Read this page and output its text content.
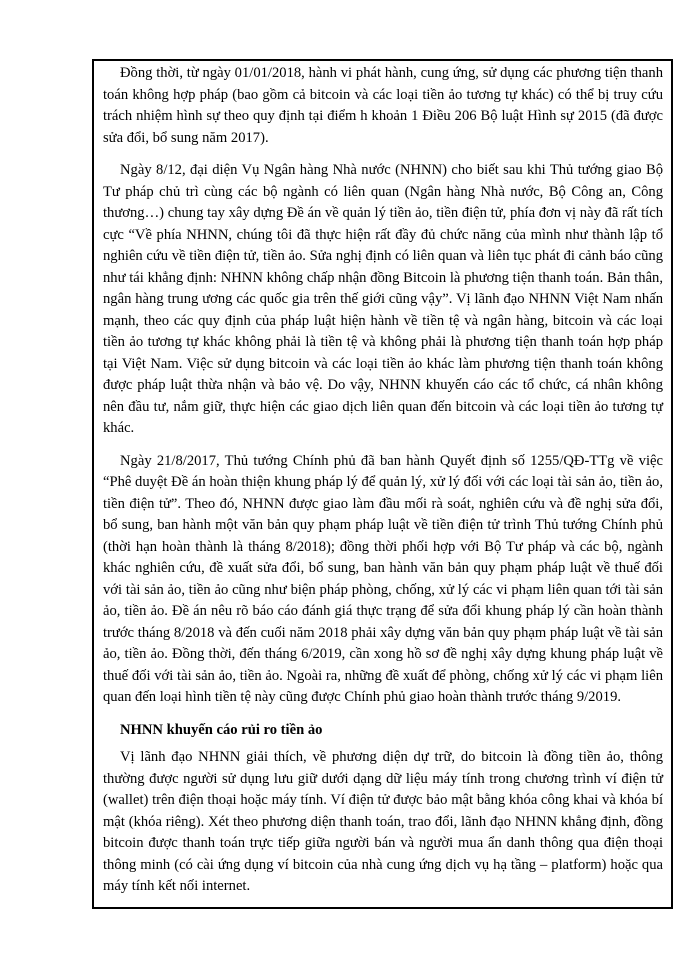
Đồng thời, từ ngày 01/01/2018, hành vi phát hành, cung ứng, sử dụng các phương tiện thanh toán không hợp pháp (bao gồm cả bitcoin và các loại tiền ảo tương tự khác) có thể bị truy cứu trách nhiệm hình sự theo quy định tại điểm h khoản 1 Điều 206 Bộ luật Hình sự 2015 (đã được sửa đổi, bổ sung năm 2017).

Ngày 8/12, đại diện Vụ Ngân hàng Nhà nước (NHNN) cho biết sau khi Thủ tướng giao Bộ Tư pháp chủ trì cùng các bộ ngành có liên quan (Ngân hàng Nhà nước, Bộ Công an, Công thương…) chung tay xây dựng Đề án về quản lý tiền ảo, tiền điện tử, phía đơn vị này đã rất tích cực “Về phía NHNN, chúng tôi đã thực hiện rất đầy đủ chức năng của mình như thành lập tổ nghiên cứu về tiền điện tử, tiền ảo. Sửa nghị định có liên quan và liên tục phát đi cảnh báo cũng như tái khẳng định: NHNN không chấp nhận đồng Bitcoin là phương tiện thanh toán. Bản thân, ngân hàng trung ương các quốc gia trên thế giới cũng vậy”. Vị lãnh đạo NHNN Việt Nam nhấn mạnh, theo các quy định của pháp luật hiện hành về tiền tệ và ngân hàng, bitcoin và các loại tiền ảo tương tự khác không phải là tiền tệ và không phải là phương tiện thanh toán hợp pháp tại Việt Nam. Việc sử dụng bitcoin và các loại tiền ảo khác làm phương tiện thanh toán không được pháp luật thừa nhận và bảo vệ. Do vậy, NHNN khuyến cáo các tổ chức, cá nhân không nên đầu tư, nắm giữ, thực hiện các giao dịch liên quan đến bitcoin và các loại tiền ảo tương tự khác.

Ngày 21/8/2017, Thủ tướng Chính phủ đã ban hành Quyết định số 1255/QĐ-TTg về việc “Phê duyệt Đề án hoàn thiện khung pháp lý để quản lý, xử lý đối với các loại tài sản ảo, tiền ảo, tiền điện tử”. Theo đó, NHNN được giao làm đầu mối rà soát, nghiên cứu và đề nghị sửa đổi, bổ sung, ban hành một văn bản quy phạm pháp luật về tiền điện tử trình Thủ tướng Chính phủ (thời hạn hoàn thành là tháng 8/2018); đồng thời phối hợp với Bộ Tư pháp và các bộ, ngành khác nghiên cứu, đề xuất sửa đổi, bổ sung, ban hành văn bản quy phạm pháp luật về thuế đối với tài sản ảo, tiền ảo cũng như biện pháp phòng, chống, xử lý các vi phạm liên quan tới tài sản ảo, tiền ảo. Đề án nêu rõ báo cáo đánh giá thực trạng để sửa đổi khung pháp lý cần hoàn thành trước tháng 8/2018 và đến cuối năm 2018 phải xây dựng văn bản quy phạm pháp luật về tài sản ảo, tiền ảo. Đồng thời, đến tháng 6/2019, cần xong hồ sơ đề nghị xây dựng khung pháp luật về thuế đối với tài sản ảo, tiền ảo. Ngoài ra, những đề xuất để phòng, chống xử lý các vi phạm liên quan đến loại hình tiền tệ này cũng được Chính phủ giao hoàn thành trước tháng 9/2019.

NHNN khuyến cáo rủi ro tiền ảo

Vị lãnh đạo NHNN giải thích, về phương diện dự trữ, do bitcoin là đồng tiền ảo, thông thường được người sử dụng lưu giữ dưới dạng dữ liệu máy tính trong chương trình ví điện tử (wallet) trên điện thoại hoặc máy tính. Ví điện tử được bảo mật bằng khóa công khai và khóa bí mật (khóa riêng). Xét theo phương diện thanh toán, trao đổi, lãnh đạo NHNN khẳng định, đồng bitcoin được thanh toán trực tiếp giữa người bán và người mua ẩn danh thông qua điện thoại thông minh (có cài ứng dụng ví bitcoin của nhà cung ứng dịch vụ hạ tầng – platform) hoặc qua máy tính kết nối internet.
